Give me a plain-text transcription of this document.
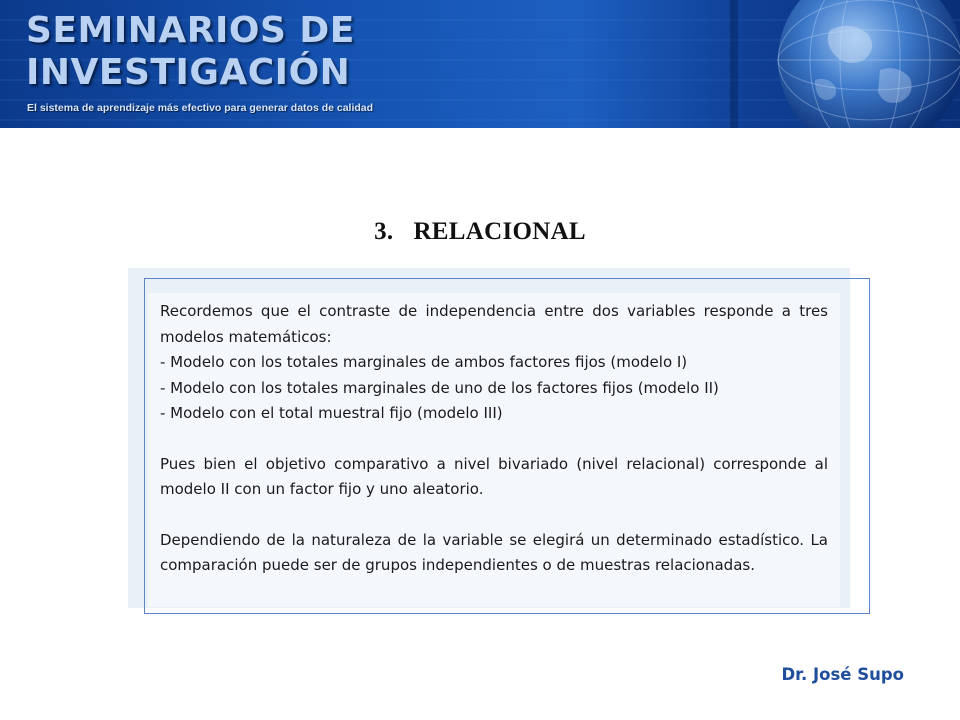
SEMINARIOS DE
INVESTIGACIÓN
El sistema de aprendizaje más efectivo para generar datos de calidad
3. RELACIONAL

Recordemos que el contraste de independencia entre dos variables responde a tres modelos matemáticos:

- Modelo con los totales marginales de ambos factores fijos (modelo I)

- Modelo con los totales marginales de uno de los factores fijos (modelo II)

- Modelo con el total muestral fijo (modelo III)

Pues bien el objetivo comparativo a nivel bivariado (nivel relacional) corresponde al modelo II con un factor fijo y uno aleatorio.

Dependiendo de la naturaleza de la variable se elegirá un determinado estadístico. La comparación puede ser de grupos independientes o de muestras relacionadas.

Dr. José Supo
